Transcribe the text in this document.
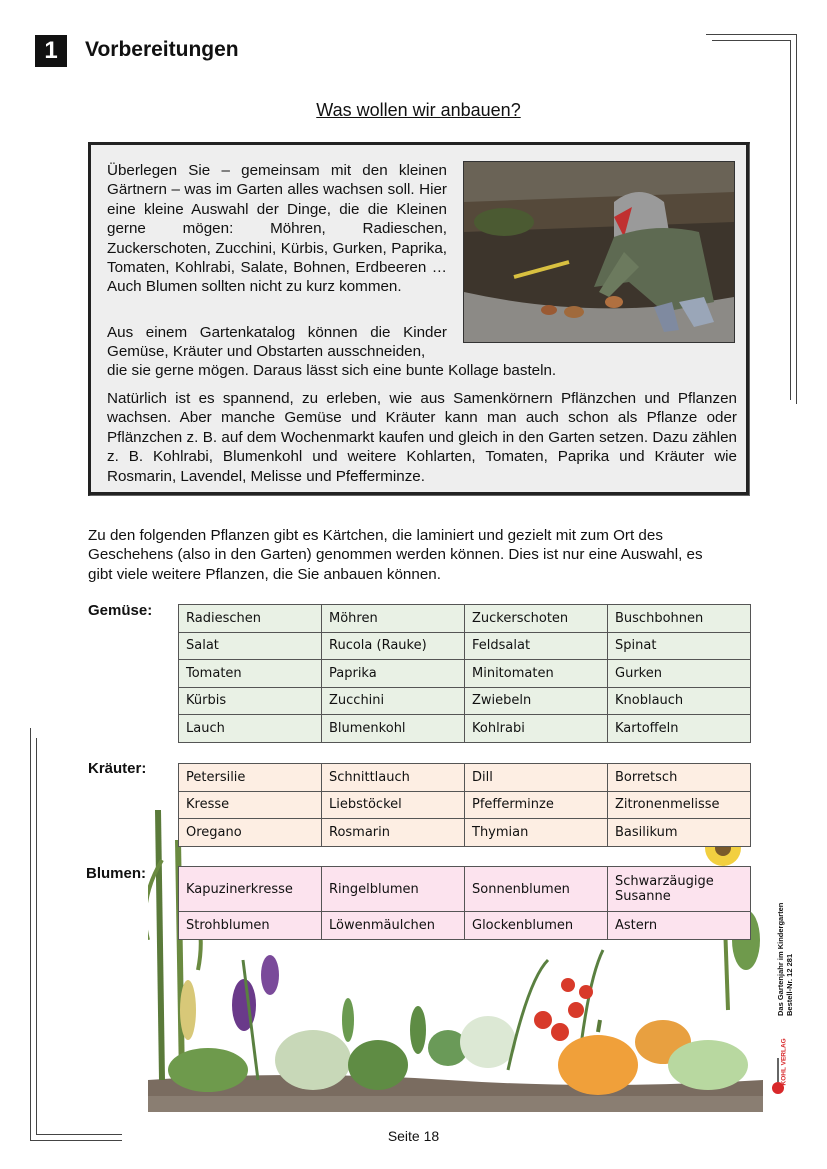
1	Vorbereitungen
Was wollen wir anbauen?

Überlegen Sie – gemeinsam mit den kleinen Gärtnern – was im Garten alles wachsen soll. Hier eine kleine Auswahl der Dinge, die die Kleinen gerne mögen: Möhren, Radieschen, Zuckerschoten, Zucchini, Kürbis, Gurken, Paprika, Tomaten, Kohlrabi, Salate, Bohnen, Erdbeeren … Auch Blumen sollten nicht zu kurz kommen.

Aus einem Gartenkatalog können die Kinder Gemüse, Kräuter und Obstarten ausschneiden,

die sie gerne mögen. Daraus lässt sich eine bunte Kollage basteln.

Natürlich ist es spannend, zu erleben, wie aus Samenkörnern Pflänzchen und Pflanzen wachsen. Aber manche Gemüse und Kräuter kann man auch schon als Pflanze oder Pflänzchen z. B. auf dem Wochenmarkt kaufen und gleich in den Garten setzen. Dazu zählen z. B. Kohlrabi, Blumenkohl und weitere Kohlarten, Tomaten, Paprika und Kräuter wie Rosmarin, Lavendel, Melisse und Pfefferminze.

Zu den folgenden Pflanzen gibt es Kärtchen, die laminiert und gezielt mit zum Ort des Geschehens (also in den Garten) genommen werden können. Dies ist nur eine Auswahl, es gibt viele weitere Pflanzen, die Sie anbauen können.

Gemüse:	Radieschen	Möhren	Zuckerschoten	Buschbohnen
Salat	Rucola (Rauke)	Feldsalat	Spinat
Tomaten	Paprika	Minitomaten	Gurken
Kürbis	Zucchini	Zwiebeln	Knoblauch
Lauch	Blumenkohl	Kohlrabi	Kartoffeln
Kräuter:
Petersilie	Schnittlauch	Dill	Borretsch
Kresse	Liebstöckel	Pfefferminze	Zitronenmelisse
Oregano	Rosmarin	Thymian	Basilikum
Blumen:
Kapuzinerkresse	Ringelblumen	Sonnenblumen	Schwarzäugige Susanne
Strohblumen	Löwenmäulchen	Glockenblumen	Astern	Das Gartenjahr im Kindergarten Bestell-Nr. 12 281
KOHL VERLAG
Seite 18
